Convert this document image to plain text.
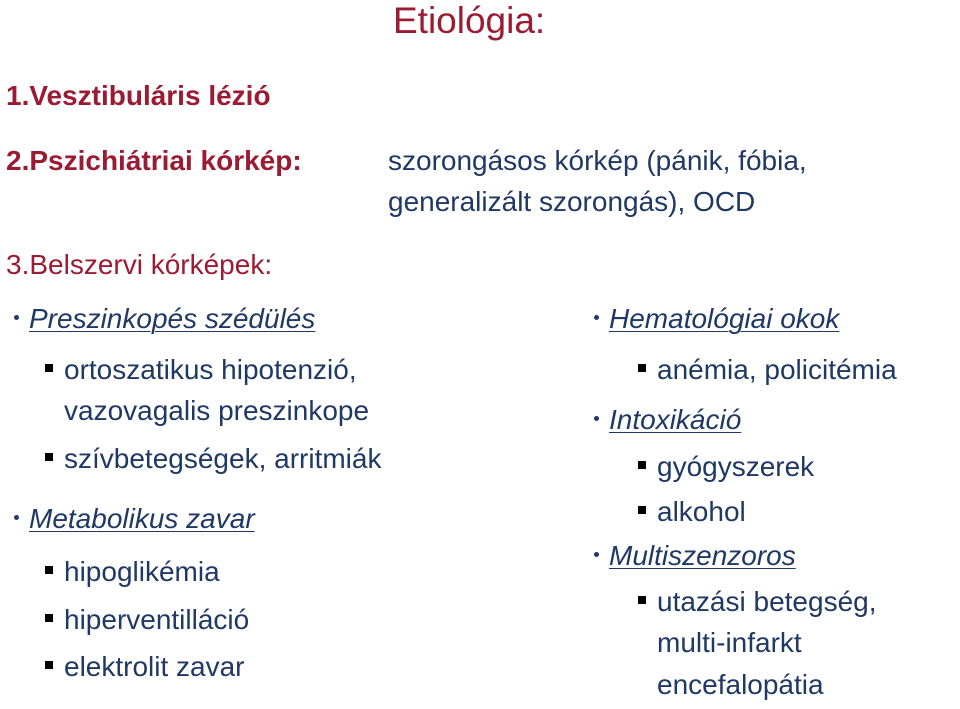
Etiológia:
1.Vesztibuláris lézió
2.Pszichiátriai kórkép:	szorongásos kórkép (pánik, fóbia,
generalizált szorongás), OCD
3.Belszervi kórképek:
Preszinkopés szédülés
ortoszatikus hipotenzió,
vazovagalis preszinkope
szívbetegségek, arritmiák
Metabolikus zavar
hipoglikémia
hiperventilláció
elektrolit zavar
Hematológiai okok
anémia, policitémia
Intoxikáció
gyógyszerek
alkohol
Multiszenzoros
utazási betegség,
multi-infarkt
encefalopátia
